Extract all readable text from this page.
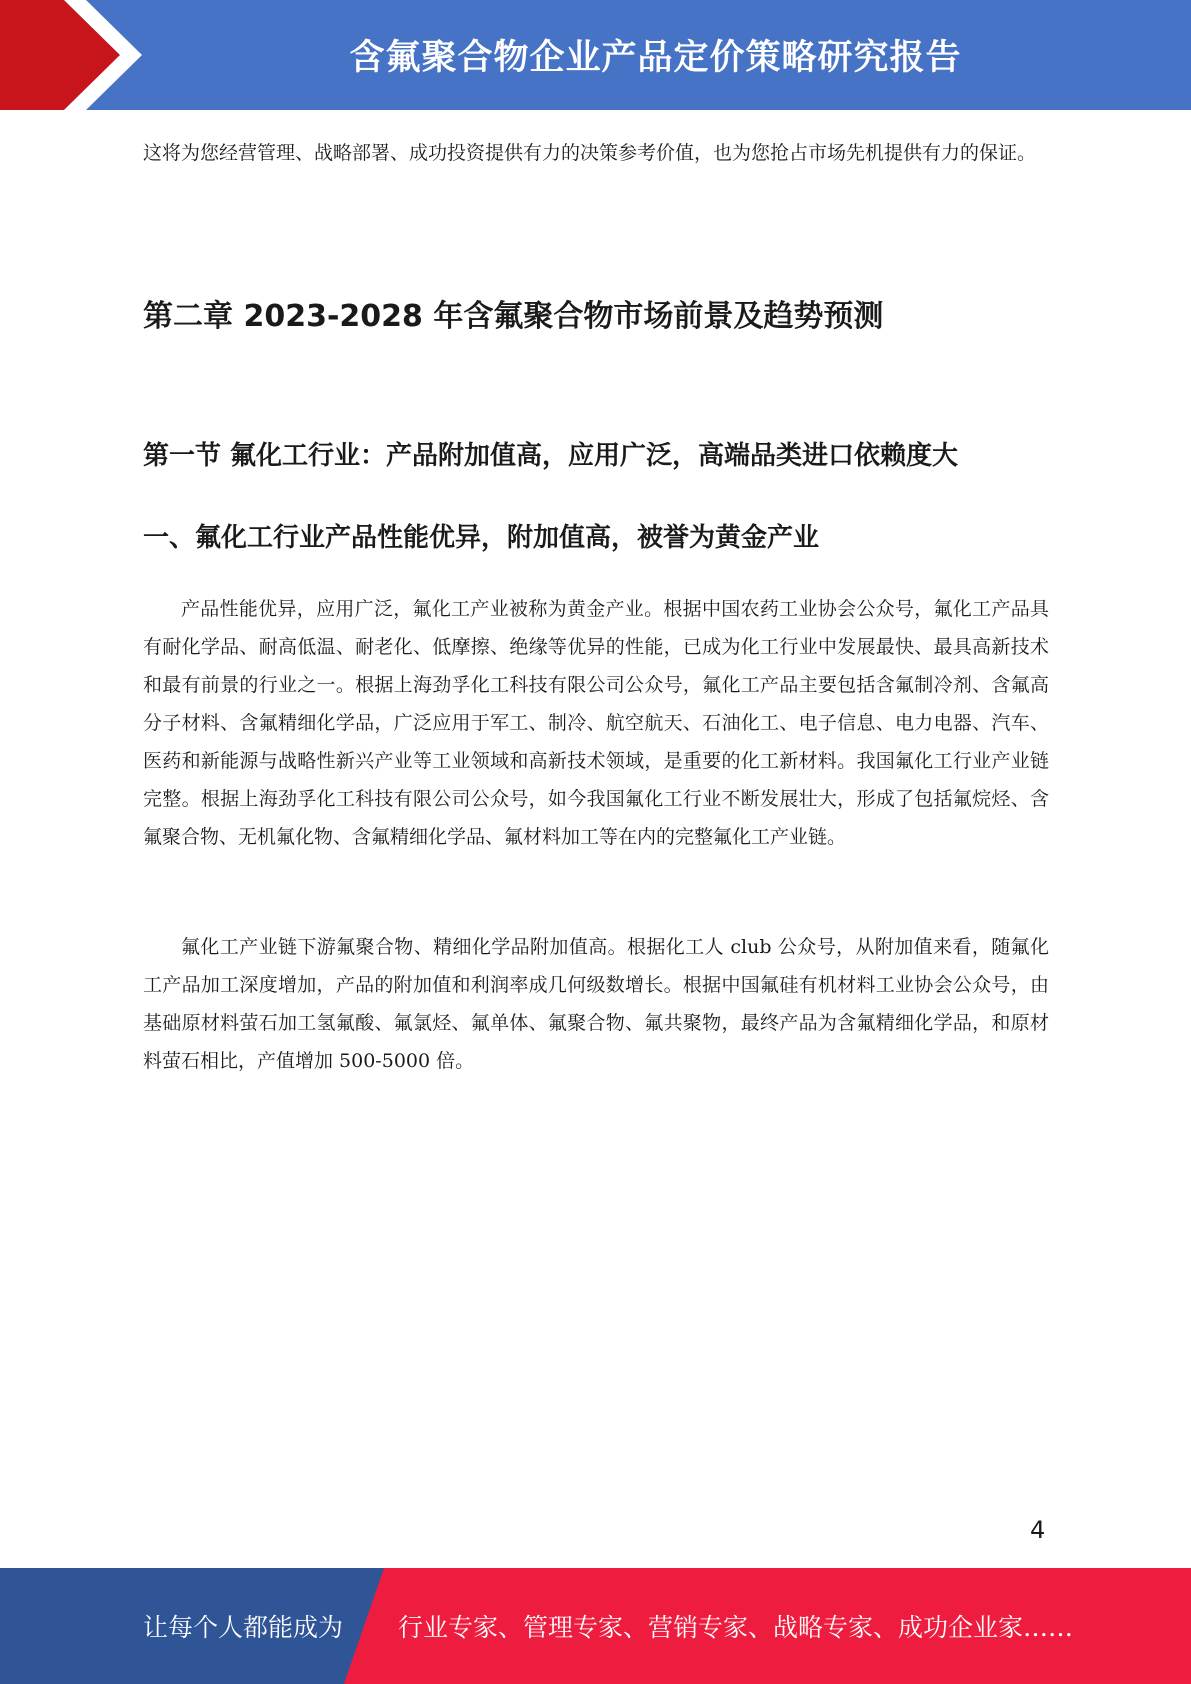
含氟聚合物企业产品定价策略研究报告

这将为您经营管理、战略部署、成功投资提供有力的决策参考价值，也为您抢占市场先机提供有力的保证。

第二章 2023-2028 年含氟聚合物市场前景及趋势预测
第一节 氟化工行业：产品附加值高，应用广泛，高端品类进口依赖度大
一、氟化工行业产品性能优异，附加值高，被誉为黄金产业

产品性能优异，应用广泛，氟化工产业被称为黄金产业。根据中国农药工业协会公众号，氟化工产品具有耐化学品、耐高低温、耐老化、低摩擦、绝缘等优异的性能，已成为化工行业中发展最快、最具高新技术和最有前景的行业之一。根据上海劲孚化工科技有限公司公众号，氟化工产品主要包括含氟制冷剂、含氟高分子材料、含氟精细化学品，广泛应用于军工、制冷、航空航天、石油化工、电子信息、电力电器、汽车、医药和新能源与战略性新兴产业等工业领域和高新技术领域，是重要的化工新材料。我国氟化工行业产业链完整。根据上海劲孚化工科技有限公司公众号，如今我国氟化工行业不断发展壮大，形成了包括氟烷烃、含氟聚合物、无机氟化物、含氟精细化学品、氟材料加工等在内的完整氟化工产业链。

氟化工产业链下游氟聚合物、精细化学品附加值高。根据化工人 club 公众号，从附加值来看，随氟化工产品加工深度增加，产品的附加值和利润率成几何级数增长。根据中国氟硅有机材料工业协会公众号，由基础原材料萤石加工氢氟酸、氟氯烃、氟单体、氟聚合物、氟共聚物，最终产品为含氟精细化学品，和原材料萤石相比，产值增加 500-5000 倍。

4
让每个人都能成为 行业专家、管理专家、营销专家、战略专家、成功企业家……
